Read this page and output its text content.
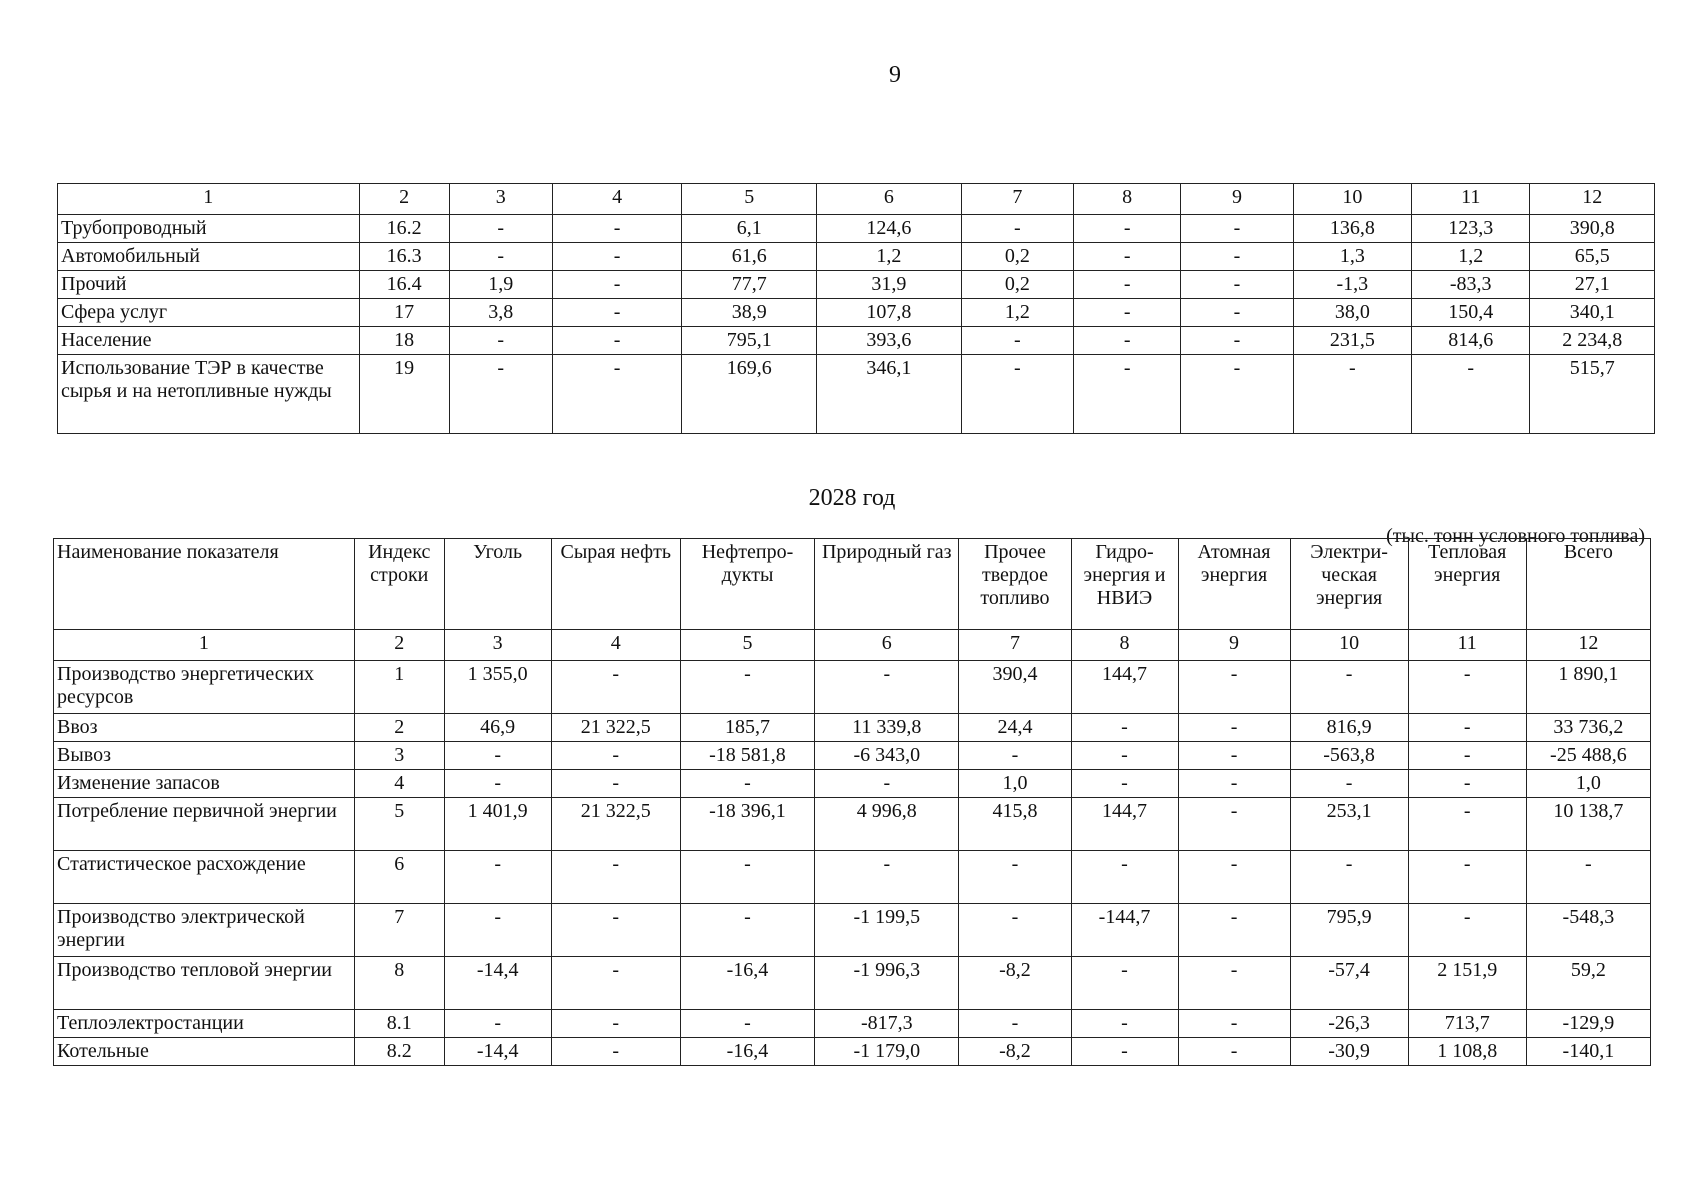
9
1	2	3	4	5	6	7	8	9	10	11	12
Трубопроводный	16.2	-	-	6,1	124,6	-	-	-	136,8	123,3	390,8
Автомобильный	16.3	-	-	61,6	1,2	0,2	-	-	1,3	1,2	65,5
Прочий	16.4	1,9	-	77,7	31,9	0,2	-	-	-1,3	-83,3	27,1
Сфера услуг	17	3,8	-	38,9	107,8	1,2	-	-	38,0	150,4	340,1
Население	18	-	-	795,1	393,6	-	-	-	231,5	814,6	2 234,8
Использование ТЭР в качестве сырья и на нетопливные нужды	19	-	-	169,6	346,1	-	-	-	-	-	515,7
2028 год
(тыс. тонн условного топлива)
Наименование показателя	Индекс строки	Уголь	Сырая нефть	Нефтепро-дукты	Природный газ	Прочее твердое топливо	Гидро-энергия и НВИЭ	Атомная энергия	Электри-ческая энергия	Тепловая энергия	Всего
1	2	3	4	5	6	7	8	9	10	11	12
Производство энергетических ресурсов	1	1 355,0	-	-	-	390,4	144,7	-	-	-	1 890,1
Ввоз	2	46,9	21 322,5	185,7	11 339,8	24,4	-	-	816,9	-	33 736,2
Вывоз	3	-	-	-18 581,8	-6 343,0	-	-	-	-563,8	-	-25 488,6
Изменение запасов	4	-	-	-	-	1,0	-	-	-	-	1,0
Потребление первичной энергии	5	1 401,9	21 322,5	-18 396,1	4 996,8	415,8	144,7	-	253,1	-	10 138,7
Статистическое расхождение	6	-	-	-	-	-	-	-	-	-	-
Производство электрической энергии	7	-	-	-	-1 199,5	-	-144,7	-	795,9	-	-548,3
Производство тепловой энергии	8	-14,4	-	-16,4	-1 996,3	-8,2	-	-	-57,4	2 151,9	59,2
Теплоэлектростанции	8.1	-	-	-	-817,3	-	-	-	-26,3	713,7	-129,9
Котельные	8.2	-14,4	-	-16,4	-1 179,0	-8,2	-	-	-30,9	1 108,8	-140,1
